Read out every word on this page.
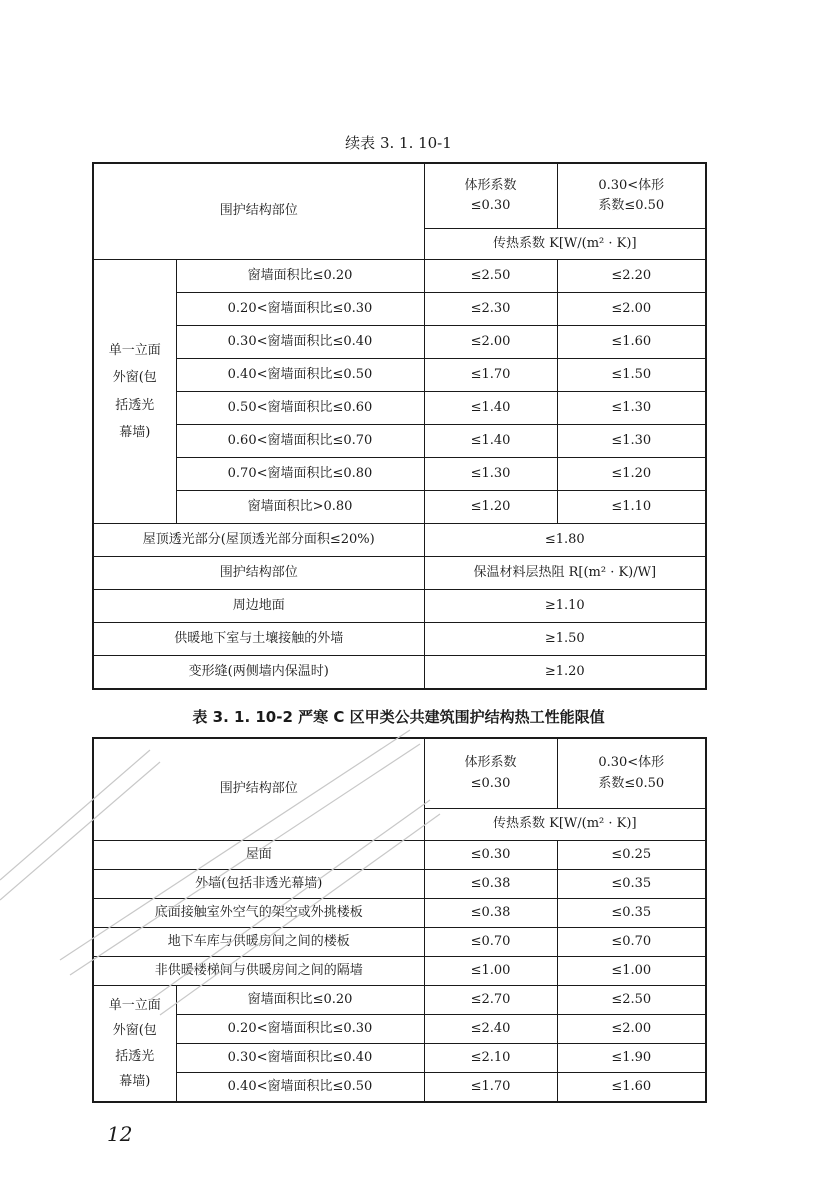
续表 3. 1. 10-1
围护结构部位		体形系数
≤0.30	0.30<体形
系数≤0.50
		传热系数 K[W/(m² · K)]	
单一立面
外窗(包
括透光
幕墙)	窗墙面积比≤0.20	≤2.50	≤2.20
	0.20<窗墙面积比≤0.30	≤2.30	≤2.00
	0.30<窗墙面积比≤0.40	≤2.00	≤1.60
	0.40<窗墙面积比≤0.50	≤1.70	≤1.50
	0.50<窗墙面积比≤0.60	≤1.40	≤1.30
	0.60<窗墙面积比≤0.70	≤1.40	≤1.30
	0.70<窗墙面积比≤0.80	≤1.30	≤1.20
	窗墙面积比>0.80	≤1.20	≤1.10
屋顶透光部分(屋顶透光部分面积≤20%)		≤1.80	
围护结构部位		保温材料层热阻 R[(m² · K)/W]	
周边地面		≥1.10	
供暖地下室与土壤接触的外墙		≥1.50	
变形缝(两侧墙内保温时)		≥1.20	
表 3. 1. 10-2 严寒 C 区甲类公共建筑围护结构热工性能限值
围护结构部位		体形系数
≤0.30	0.30<体形
系数≤0.50
		传热系数 K[W/(m² · K)]	
屋面		≤0.30	≤0.25
外墙(包括非透光幕墙)		≤0.38	≤0.35
底面接触室外空气的架空或外挑楼板		≤0.38	≤0.35
地下车库与供暖房间之间的楼板		≤0.70	≤0.70
非供暖楼梯间与供暖房间之间的隔墙		≤1.00	≤1.00
单一立面
外窗(包
括透光
幕墙)	窗墙面积比≤0.20	≤2.70	≤2.50
	0.20<窗墙面积比≤0.30	≤2.40	≤2.00
	0.30<窗墙面积比≤0.40	≤2.10	≤1.90
	0.40<窗墙面积比≤0.50	≤1.70	≤1.60
12
